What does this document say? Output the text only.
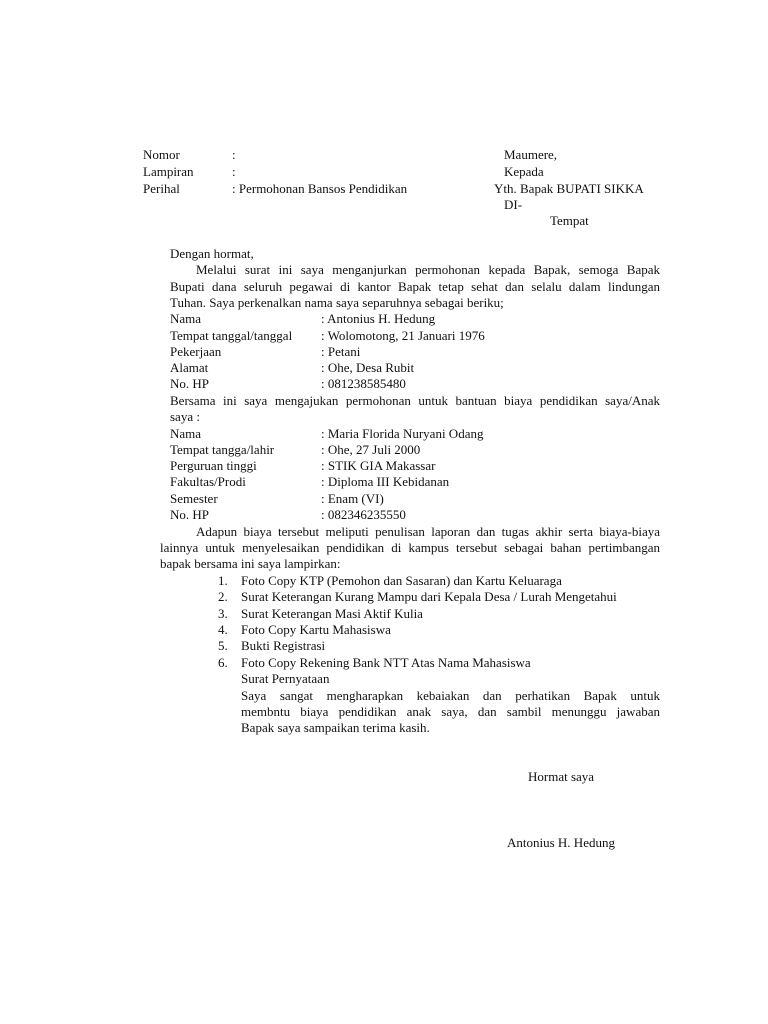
Nomor	:
Lampiran	:
Perihal	: Permohonan Bansos Pendidikan
Maumere,
Kepada
Yth. Bapak BUPATI SIKKA
DI-
Tempat
Dengan hormat,
Melalui surat ini saya menganjurkan permohonan kepada Bapak, semoga Bapak
Bupati dana seluruh pegawai di kantor Bapak tetap sehat dan selalu dalam lindungan
Tuhan. Saya perkenalkan nama saya separuhnya sebagai beriku;
Nama	: Antonius H. Hedung
Tempat tanggal/tanggal : Wolomotong, 21 Januari 1976
Pekerjaan	: Petani
Alamat	: Ohe, Desa Rubit
No. HP	: 081238585480
Bersama ini saya mengajukan permohonan untuk bantuan biaya pendidikan saya/Anak
saya :
Nama	: Maria Florida Nuryani Odang
Tempat tangga/lahir	: Ohe, 27 Juli 2000
Perguruan tinggi	: STIK GIA Makassar
Fakultas/Prodi	: Diploma III Kebidanan
Semester	: Enam (VI)
No. HP	: 082346235550
Adapun biaya tersebut meliputi penulisan laporan dan tugas akhir serta biaya-biaya
lainnya untuk menyelesaikan pendidikan di kampus tersebut sebagai bahan pertimbangan
bapak bersama ini saya lampirkan:
1. Foto Copy KTP (Pemohon dan Sasaran) dan Kartu Keluaraga
2. Surat Keterangan Kurang Mampu dari Kepala Desa / Lurah Mengetahui
3. Surat Keterangan Masi Aktif Kulia
4. Foto Copy Kartu Mahasiswa
5. Bukti Registrasi
6. Foto Copy Rekening Bank NTT Atas Nama Mahasiswa
Surat Pernyataan
Saya sangat mengharapkan kebaiakan dan perhatikan Bapak untuk
membntu biaya pendidikan anak saya, dan sambil menunggu jawaban
Bapak saya sampaikan terima kasih.
Hormat saya
Antonius H. Hedung
